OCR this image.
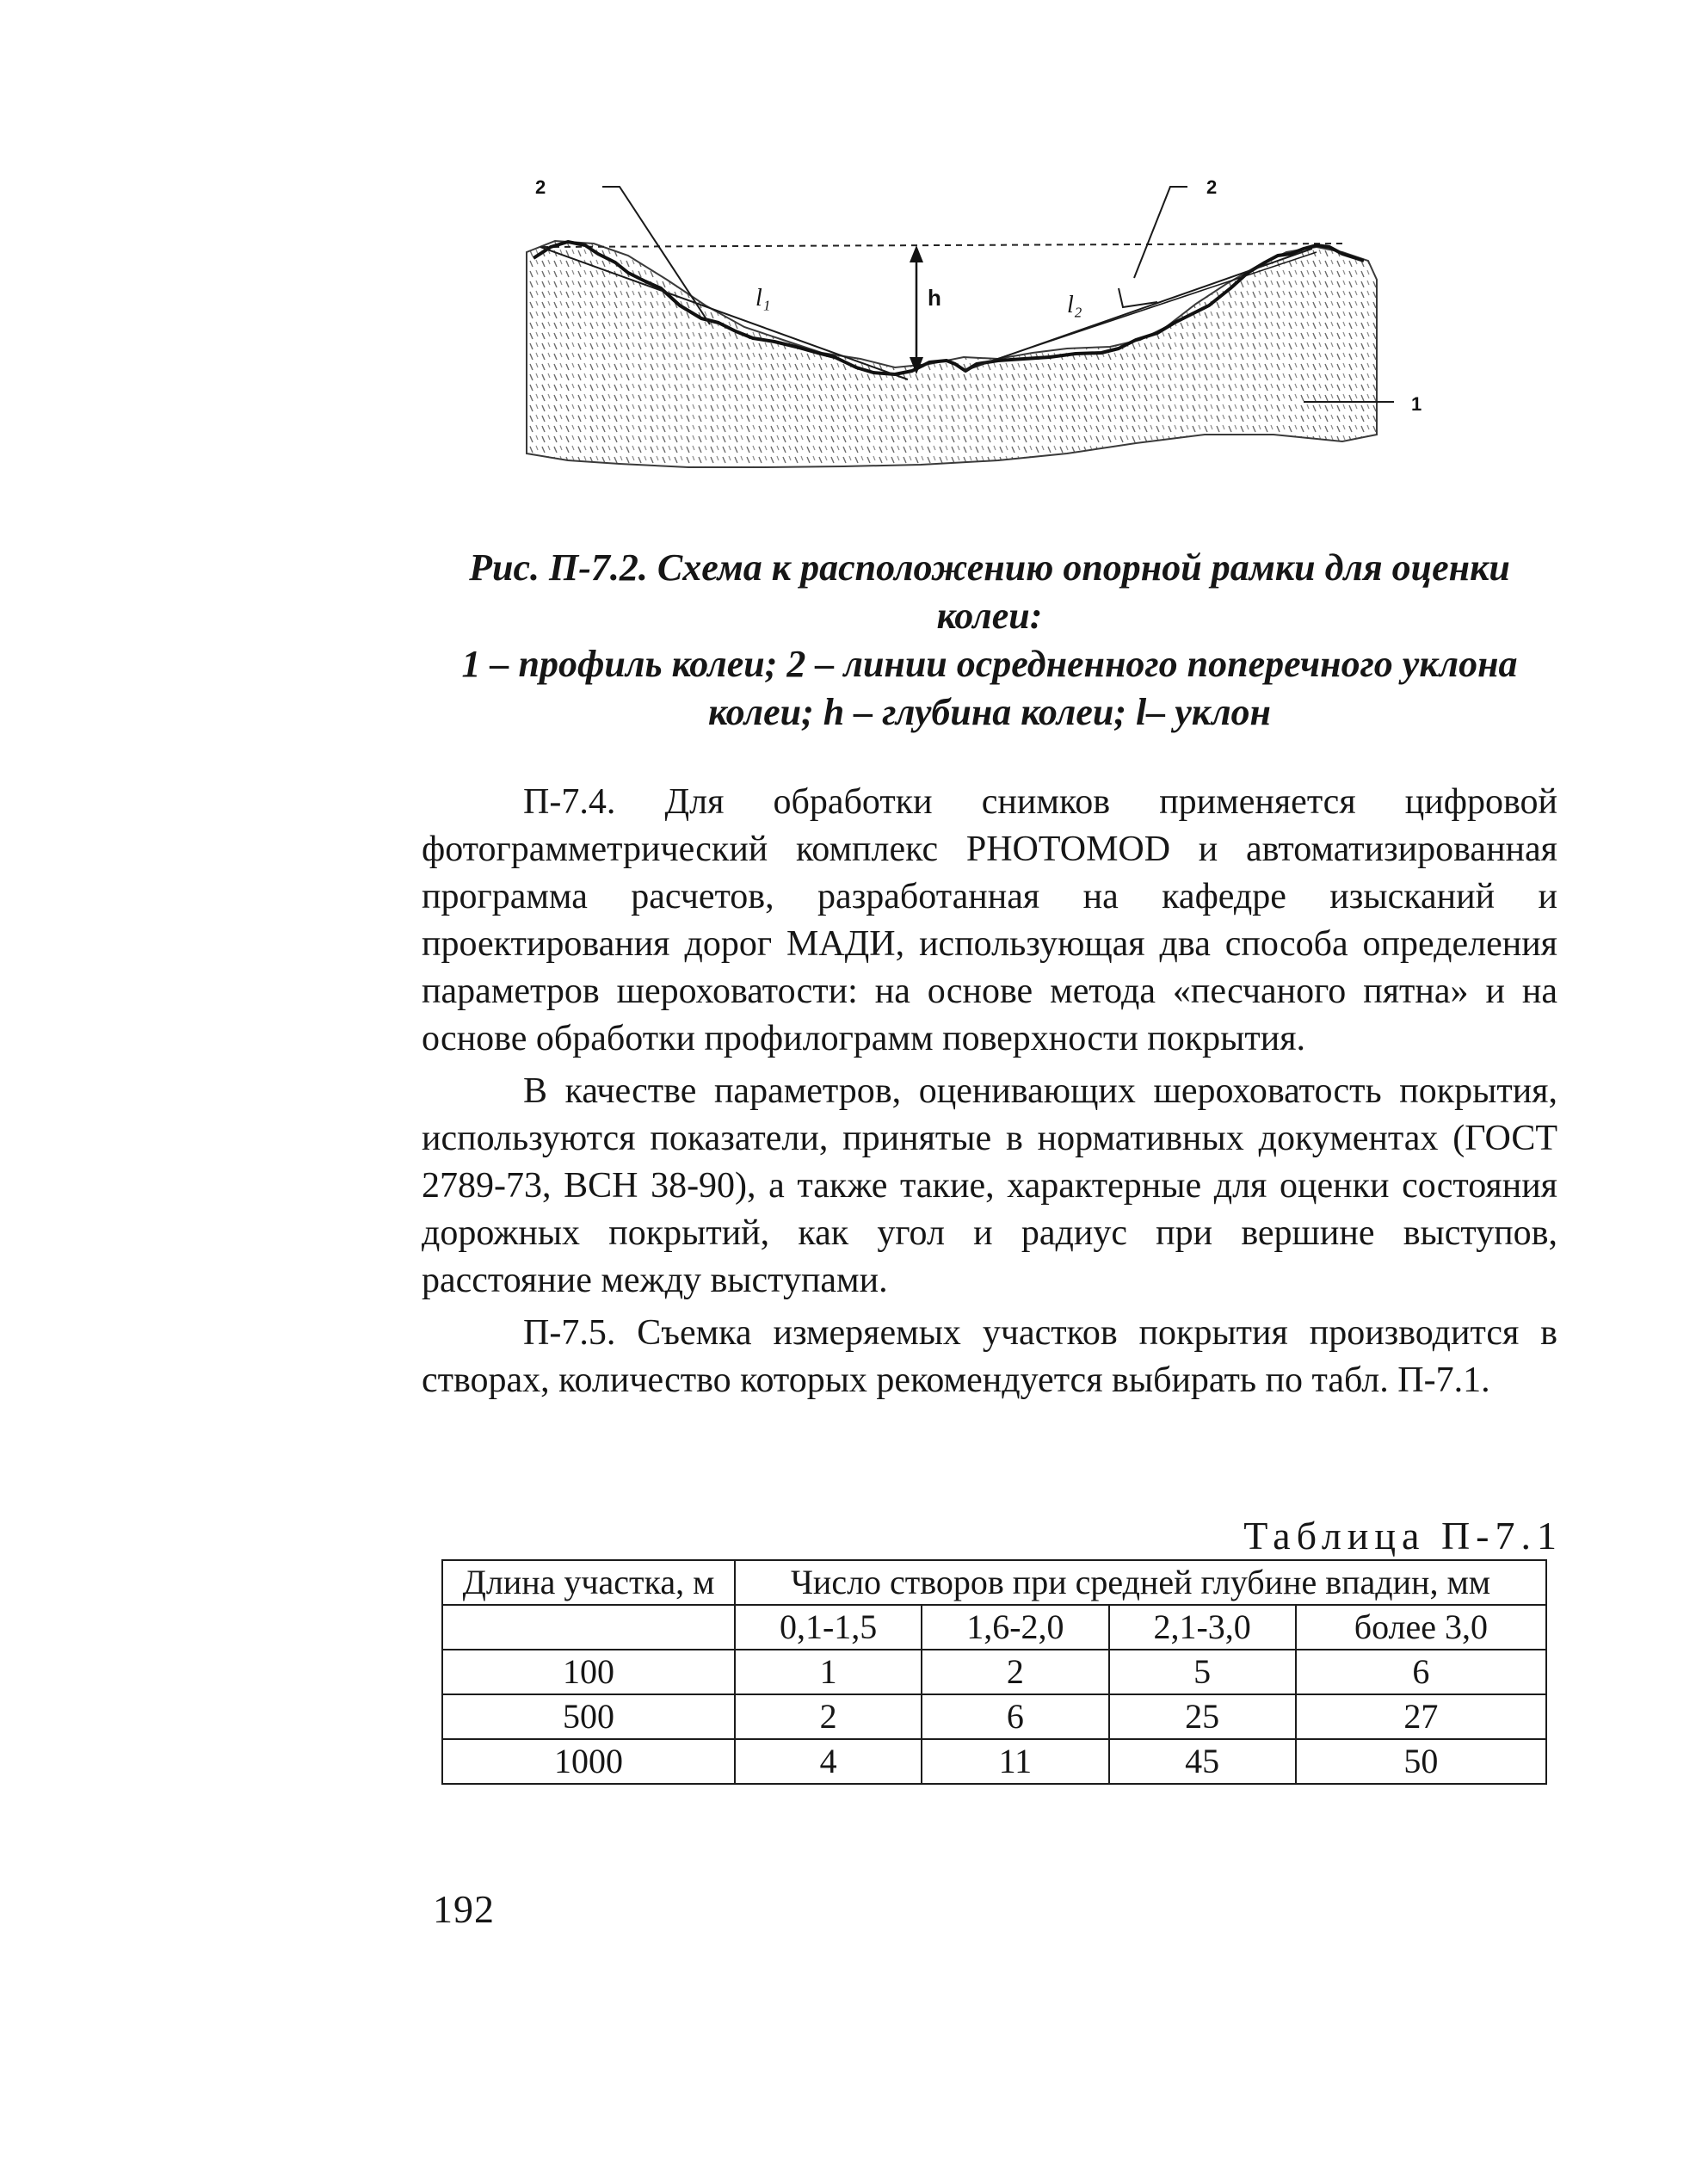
2	2
1
h
l₁	l₂
Рис. П-7.2. Схема к расположению опорной рамки для оценки
колеи:
1 – профиль колеи; 2 – линии осредненного поперечного уклона
колеи; h – глубина колеи; l– уклон

П-7.4. Для обработки снимков применяется цифровой фотограмметрический комплекс PHOTOMOD и автоматизированная программа расчетов, разработанная на кафедре изысканий и проектирования дорог МАДИ, использующая два способа определения параметров шероховатости: на основе метода «песчаного пятна» и на основе обработки профилограмм поверхности покрытия.

В качестве параметров, оценивающих шероховатость покрытия, используются показатели, принятые в нормативных документах (ГОСТ 2789-73, ВСН 38-90), а также такие, характерные для оценки состояния дорожных покрытий, как угол и радиус при вершине выступов, расстояние между выступами.

П-7.5. Съемка измеряемых участков покрытия производится в створах, количество которых рекомендуется выбирать по табл. П-7.1.

Таблица П-7.1
Длина участка, м	Число створов при средней глубине впадин, мм			
	0,1-1,5	1,6-2,0	2,1-3,0	более 3,0
100	1	2	5	6
500	2	6	25	27
1000	4	11	45	50
192
